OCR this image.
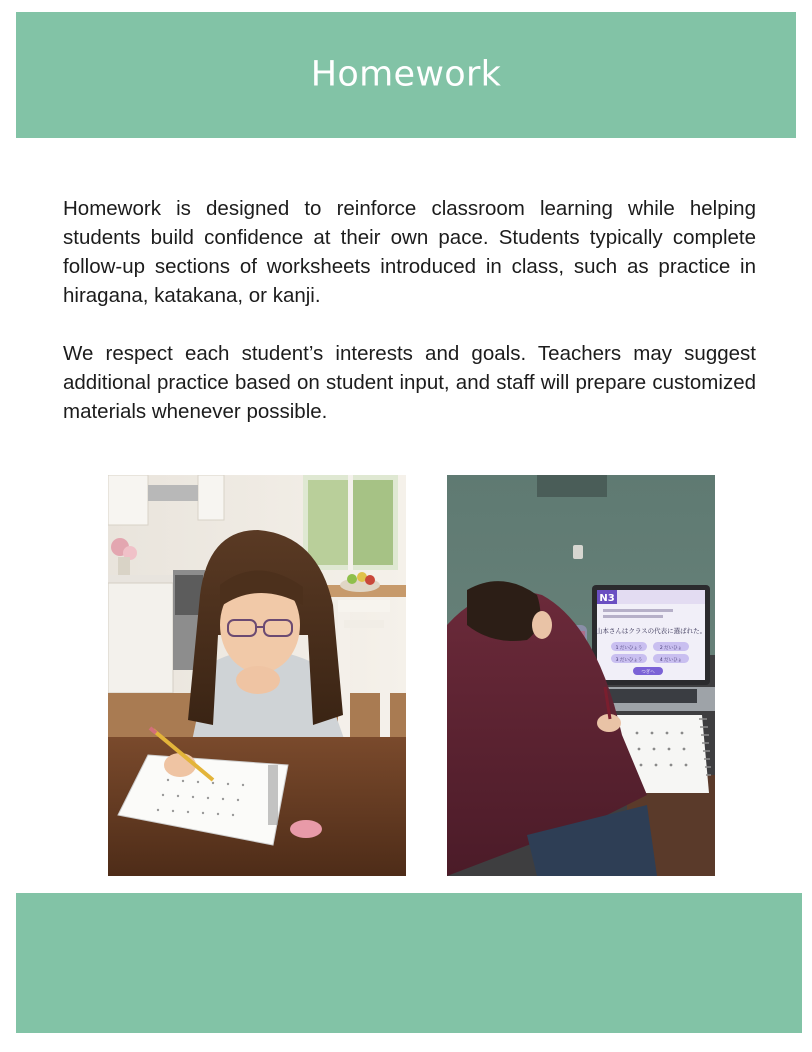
Homework

Homework is designed to reinforce classroom learning while helping students build confidence at their own pace. Students typically complete follow-up sections of worksheets introduced in class, such as practice in hiragana, katakana, or kanji.

We respect each student’s interests and goals. Teachers may suggest additional practice based on student input, and staff will prepare customized materials whenever possible.

N3
山本さんはクラスの代表に選ばれた。
1 だいひょう	2 だいひょ
3 だいひょう	4 だいひょ
つぎへ
